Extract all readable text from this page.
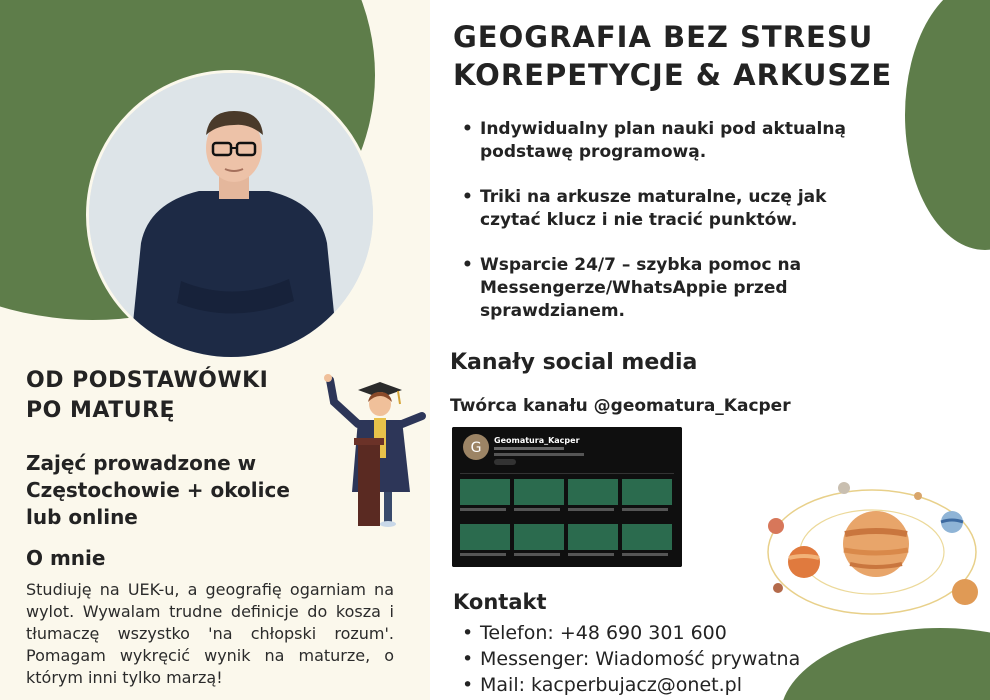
GEOGRAFIA BEZ STRESU
KOREPETYCJE & ARKUSZE
• Indywidualny plan nauki pod aktualną podstawę programową.
• Triki na arkusze maturalne, uczę jak czytać klucz i nie tracić punktów.
• Wsparcie 24/7 – szybka pomoc na Messengerze/WhatsAppie przed sprawdzianem.
Kanały social media
Twórca kanału @geomatura_Kacper
G Geomatura_Kacper
Kontakt
• Telefon: +48 690 301 600
• Messenger: Wiadomość prywatna
• Mail: kacperbujacz@onet.pl
OD PODSTAWÓWKI
PO MATURĘ
Zajęć prowadzone w Częstochowie + okolice lub online
O mnie
Studiuję na UEK-u, a geografię ogarniam na wylot. Wywalam trudne definicje do kosza i tłumaczę wszystko 'na chłopski rozum'. Pomagam wykręcić wynik na maturze, o którym inni tylko marzą!
